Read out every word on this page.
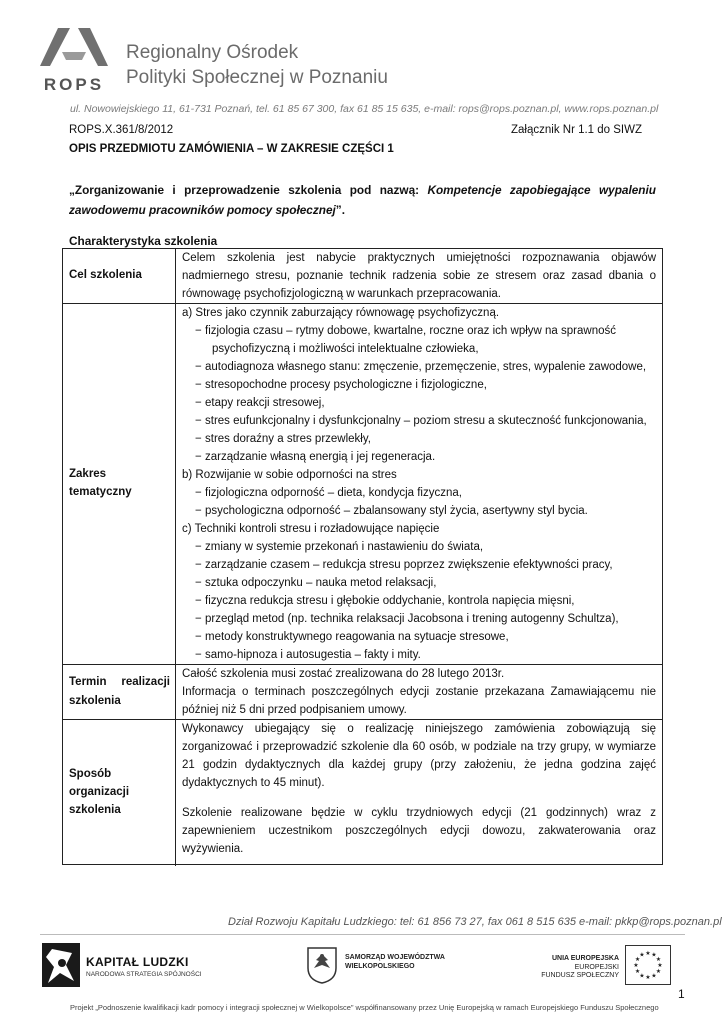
ROPS
Regionalny Ośrodek
Polityki Społecznej w Poznaniu
ul. Nowowiejskiego 11, 61-731 Poznań, tel. 61 85 67 300, fax 61 85 15 635, e-mail: rops@rops.poznan.pl, www.rops.poznan.pl
ROPS.X.361/8/2012	Załącznik Nr 1.1 do SIWZ
OPIS PRZEDMIOTU ZAMÓWIENIA – W ZAKRESIE CZĘŚCI 1
„Zorganizowanie i przeprowadzenie szkolenia pod nazwą: Kompetencje zapobiegające wypaleniu zawodowemu pracowników pomocy społecznej”.
Charakterystyka szkolenia
Cel szkolenia
Celem szkolenia jest nabycie praktycznych umiejętności rozpoznawania objawów nadmiernego stresu, poznanie technik radzenia sobie ze stresem oraz zasad dbania o równowagę psychofizjologiczną w warunkach przepracowania.
Zakres
tematyczny
a) Stres jako czynnik zaburzający równowagę psychofizyczną.
− fizjologia czasu – rytmy dobowe, kwartalne, roczne oraz ich wpływ na sprawność
psychofizyczną i możliwości intelektualne człowieka,
− autodiagnoza własnego stanu: zmęczenie, przemęczenie, stres, wypalenie zawodowe,
− stresopochodne procesy psychologiczne i fizjologiczne,
− etapy reakcji stresowej,
− stres eufunkcjonalny i dysfunkcjonalny – poziom stresu a skuteczność funkcjonowania,
− stres doraźny a stres przewlekły,
− zarządzanie własną energią i jej regeneracja.
b) Rozwijanie w sobie odporności na stres
− fizjologiczna odporność – dieta, kondycja fizyczna,
− psychologiczna odporność – zbalansowany styl życia, asertywny styl bycia.
c) Techniki kontroli stresu i rozładowujące napięcie
− zmiany w systemie przekonań i nastawieniu do świata,
− zarządzanie czasem – redukcja stresu poprzez zwiększenie efektywności pracy,
− sztuka odpoczynku – nauka metod relaksacji,
− fizyczna redukcja stresu i głębokie oddychanie, kontrola napięcia mięsni,
− przegląd metod (np. technika relaksacji Jacobsona i trening autogenny Schultza),
− metody konstruktywnego reagowania na sytuacje stresowe,
− samo-hipnoza i autosugestia – fakty i mity.
Termin realizacji
szkolenia
Całość szkolenia musi zostać zrealizowana do 28 lutego 2013r.
Informacja o terminach poszczególnych edycji zostanie przekazana Zamawiającemu nie później niż 5 dni przed podpisaniem umowy.
Sposób
organizacji
szkolenia
Wykonawcy ubiegający się o realizację niniejszego zamówienia zobowiązują się zorganizować i przeprowadzić szkolenie dla 60 osób, w podziale na trzy grupy, w wymiarze 21 godzin dydaktycznych dla każdej grupy (przy założeniu, że jedna godzina zajęć dydaktycznych to 45 minut).
Szkolenie realizowane będzie w cyklu trzydniowych edycji (21 godzinnych) wraz z zapewnieniem uczestnikom poszczególnych edycji dowozu, zakwaterowania oraz wyżywienia.
Dział Rozwoju Kapitału Ludzkiego: tel: 61 856 73 27, fax 061 8 515 635 e-mail: pkkp@rops.poznan.pl
KAPITAŁ LUDZKI
NARODOWA STRATEGIA SPÓJNOŚCI
SAMORZĄD WOJEWÓDZTWA
WIELKOPOLSKIEGO
UNIA EUROPEJSKA
EUROPEJSKI
FUNDUSZ SPOŁECZNY
★ ★
★
★
★
★
★
★
★
★
★
★
1
Projekt „Podnoszenie kwalifikacji kadr pomocy i integracji społecznej w Wielkopolsce” współfinansowany przez Unię Europejską w ramach Europejskiego Funduszu Społecznego
